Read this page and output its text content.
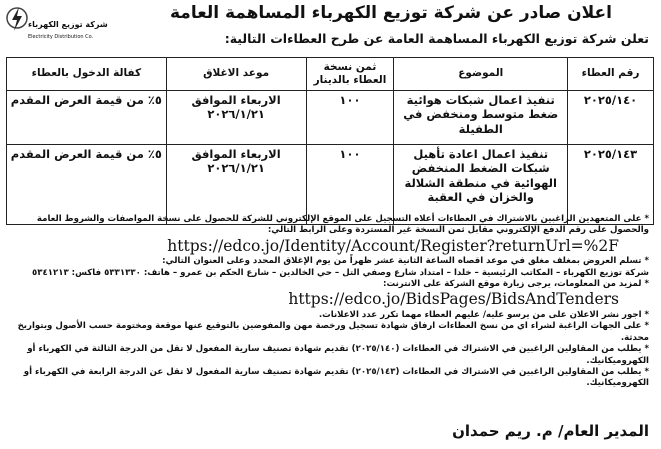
شركة توزيع الكهرباء
Electricity Distribution Co.
اعلان صادر عن شركة توزيع الكهرباء المساهمة العامة
تعلن شركة توزيع الكهرباء المساهمة العامة عن طرح العطاءات التالية:
رقم العطاء	الموضوع	ثمن نسخة العطاء بالدينار	موعد الاغلاق	كفالة الدخول بالعطاء
٢٠٢٥/١٤٠	تنفيذ اعمال شبكات هوائية ضغط متوسط ومنخفض في الطفيلة	١٠٠	الاربعاء الموافق ٢٠٢٦/١/٢١	٥٪ من قيمة العرض المقدم
٢٠٢٥/١٤٣	تنفيذ اعمال اعادة تأهيل شبكات الضغط المنخفض الهوائية في منطقة الشلالة والخزان في العقبة	١٠٠	الاربعاء الموافق ٢٠٢٦/١/٢١	٥٪ من قيمة العرض المقدم

* على المتعهدين الراغبين بالاشتراك في العطاءات أعلاه التسجيل على الموقع الإلكتروني للشركة للحصول على نسخة المواصفات والشروط العامة والحصول على رقم الدفع الإلكتروني مقابل ثمن النسخة غير المستردة وعلى الرابط التالي:

https://edco.jo/Identity/Account/Register?returnUrl=%2F

* تسلم العروض بمغلف مغلق في موعد اقصاه الساعة الثانية عشر ظهراً من يوم الإغلاق المحدد وعلى العنوان التالي:
شركة توزيع الكهرباء – المكاتب الرئيسية – خلدا – امتداد شارع وصفي التل – حي الخالدين – شارع الحكم بن عمرو – هاتف: ٥٣٣١٣٣٠ فاكس: ٥٣٤١٢١٣

* لمزيد من المعلومات، يرجى زيارة موقع الشركة على الانترنت:

https://edco.jo/BidsPages/BidsAndTenders

* اجور نشر الاعلان على من يرسو عليه/ عليهم العطاء مهما تكرر عدد الاعلانات.

* على الجهات الراغبة لشراء اي من نسخ العطاءات ارفاق شهادة تسجيل ورخصة مهن والمفوضين بالتوقيع عنها موقعة ومختومة حسب الأصول وبتواريخ محدثة.

* يطلب من المقاولين الراغبين في الاشتراك في العطاءات (٢٠٢٥/١٤٠) تقديم شهادة تصنيف سارية المفعول لا تقل من الدرجة الثالثة في الكهرباء أو الكهروميكانيك.

* يطلب من المقاولين الراغبين في الاشتراك في العطاءات (٢٠٢٥/١٤٣) تقديم شهادة تصنيف سارية المفعول لا تقل عن الدرجة الرابعة في الكهرباء أو الكهروميكانيك.

المدير العام/ م. ريم حمدان
